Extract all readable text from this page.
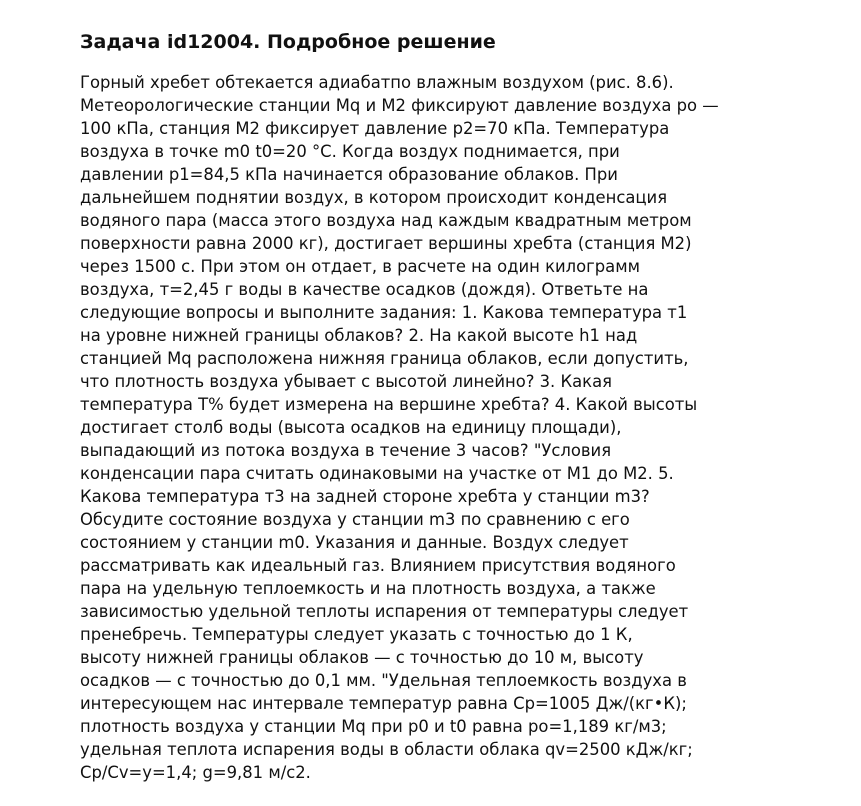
Задача id12004. Подробное решение

Горный хребет обтекается адиабатпо влажным воздухом (рис. 8.6).
Метеорологические станции Mq и М2 фиксируют давление воздуха ро —
100 кПа, станция М2 фиксирует давление р2=70 кПа. Температура
воздуха в точке m0 t0=20 °С. Когда воздух поднимается, при
давлении p1=84,5 кПа начинается образование облаков. При
дальнейшем поднятии воздух, в котором происходит конденсация
водяного пара (масса этого воздуха над каждым квадратным метром
поверхности равна 2000 кг), достигает вершины хребта (станция М2)
через 1500 с. При этом он отдает, в расчете на один килограмм
воздуха, т=2,45 г воды в качестве осадков (дождя). Ответьте на
следующие вопросы и выполните задания: 1. Какова температура т1
на уровне нижней границы облаков? 2. На какой высоте h1 над
станцией Mq расположена нижняя граница облаков, если допустить,
что плотность воздуха убывает с высотой линейно? 3. Какая
температура Т% будет измерена на вершине хребта? 4. Какой высоты
достигает столб воды (высота осадков на единицу площади),
выпадающий из потока воздуха в течение 3 часов? "Условия
конденсации пара считать одинаковыми на участке от М1 до М2. 5.
Какова температура т3 на задней стороне хребта у станции m3?
Обсудите состояние воздуха у станции m3 по сравнению с его
состоянием у станции m0. Указания и данные. Воздух следует
рассматривать как идеальный газ. Влиянием присутствия водяного
пара на удельную теплоемкость и на плотность воздуха, а также
зависимостью удельной теплоты испарения от температуры следует
пренебречь. Температуры следует указать с точностью до 1 К,
высоту нижней границы облаков — с точностью до 10 м, высоту
осадков — с точностью до 0,1 мм. "Удельная теплоемкость воздуха в
интересующем нас интервале температур равна Ср=1005 Дж/(кг•К);
плотность воздуха у станции Mq при р0 и t0 равна ро=1,189 кг/м3;
удельная теплота испарения воды в области облака qv=2500 кДж/кг;
Cp/Cv=y=1,4; g=9,81 м/с2.
